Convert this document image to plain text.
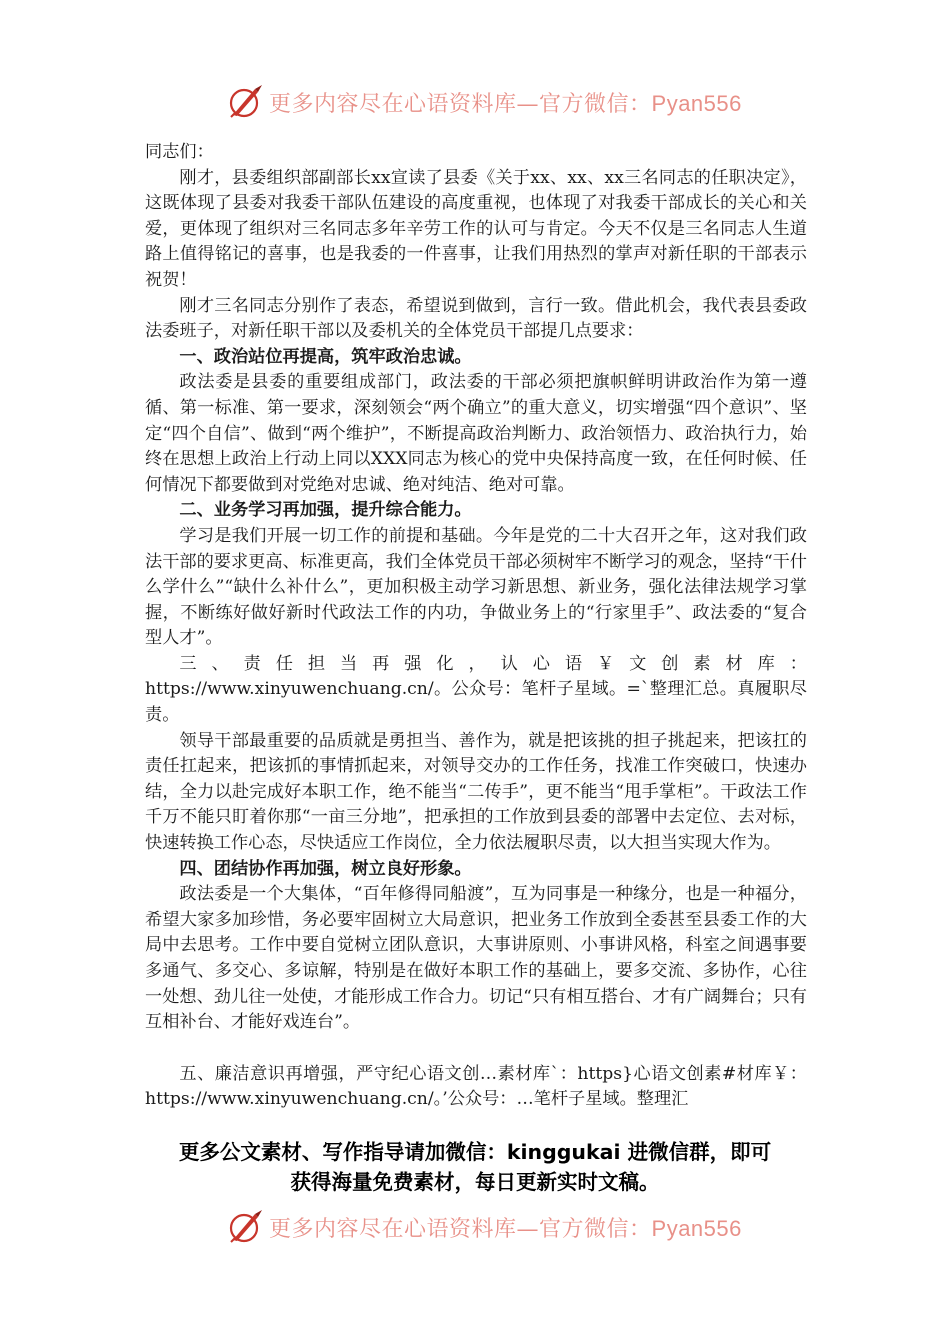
更多内容尽在心语资料库—官方微信：Pyan556

同志们：

刚才，县委组织部副部长xx宣读了县委《关于xx、xx、xx三名同志的任职决定》，这既体现了县委对我委干部队伍建设的高度重视，也体现了对我委干部成长的关心和关爱，更体现了组织对三名同志多年辛劳工作的认可与肯定。今天不仅是三名同志人生道路上值得铭记的喜事，也是我委的一件喜事，让我们用热烈的掌声对新任职的干部表示祝贺！

刚才三名同志分别作了表态，希望说到做到，言行一致。借此机会，我代表县委政法委班子，对新任职干部以及委机关的全体党员干部提几点要求：

一、政治站位再提高，筑牢政治忠诚。

政法委是县委的重要组成部门，政法委的干部必须把旗帜鲜明讲政治作为第一遵循、第一标准、第一要求，深刻领会“两个确立”的重大意义，切实增强“四个意识”、坚定“四个自信”、做到“两个维护”，不断提高政治判断力、政治领悟力、政治执行力，始终在思想上政治上行动上同以XXX同志为核心的党中央保持高度一致，在任何时候、任何情况下都要做到对党绝对忠诚、绝对纯洁、绝对可靠。

二、业务学习再加强，提升综合能力。

学习是我们开展一切工作的前提和基础。今年是党的二十大召开之年，这对我们政法干部的要求更高、标准更高，我们全体党员干部必须树牢不断学习的观念，坚持“干什么学什么”“缺什么补什么”，更加积极主动学习新思想、新业务，强化法律法规学习掌握，不断练好做好新时代政法工作的内功，争做业务上的“行家里手”、政法委的“复合型人才”。

三、责任担当再强化，认心语￥文创素材库：https://www.xinyuwenchuang.cn/。公众号：笔杆子星域。=`整理汇总。真履职尽责。

领导干部最重要的品质就是勇担当、善作为，就是把该挑的担子挑起来，把该扛的责任扛起来，把该抓的事情抓起来，对领导交办的工作任务，找准工作突破口，快速办结，全力以赴完成好本职工作，绝不能当“二传手”，更不能当“甩手掌柜”。干政法工作千万不能只盯着你那“一亩三分地”，把承担的工作放到县委的部署中去定位、去对标，快速转换工作心态，尽快适应工作岗位，全力依法履职尽责，以大担当实现大作为。

四、团结协作再加强，树立良好形象。

政法委是一个大集体，“百年修得同船渡”，互为同事是一种缘分，也是一种福分，希望大家多加珍惜，务必要牢固树立大局意识，把业务工作放到全委甚至县委工作的大局中去思考。工作中要自觉树立团队意识，大事讲原则、小事讲风格，科室之间遇事要多通气、多交心、多谅解，特别是在做好本职工作的基础上，要多交流、多协作，心往一处想、劲儿往一处使，才能形成工作合力。切记“只有相互搭台、才有广阔舞台；只有互相补台、才能好戏连台”。

五、廉洁意识再增强，严守纪心语文创…素材库`：https}心语文创素#材库￥：https://www.xinyuwenchuang.cn/。’公众号：…笔杆子星域。整理汇

更多公文素材、写作指导请加微信：kinggukai 进微信群，即可
获得海量免费素材，每日更新实时文稿。
更多内容尽在心语资料库—官方微信：Pyan556
